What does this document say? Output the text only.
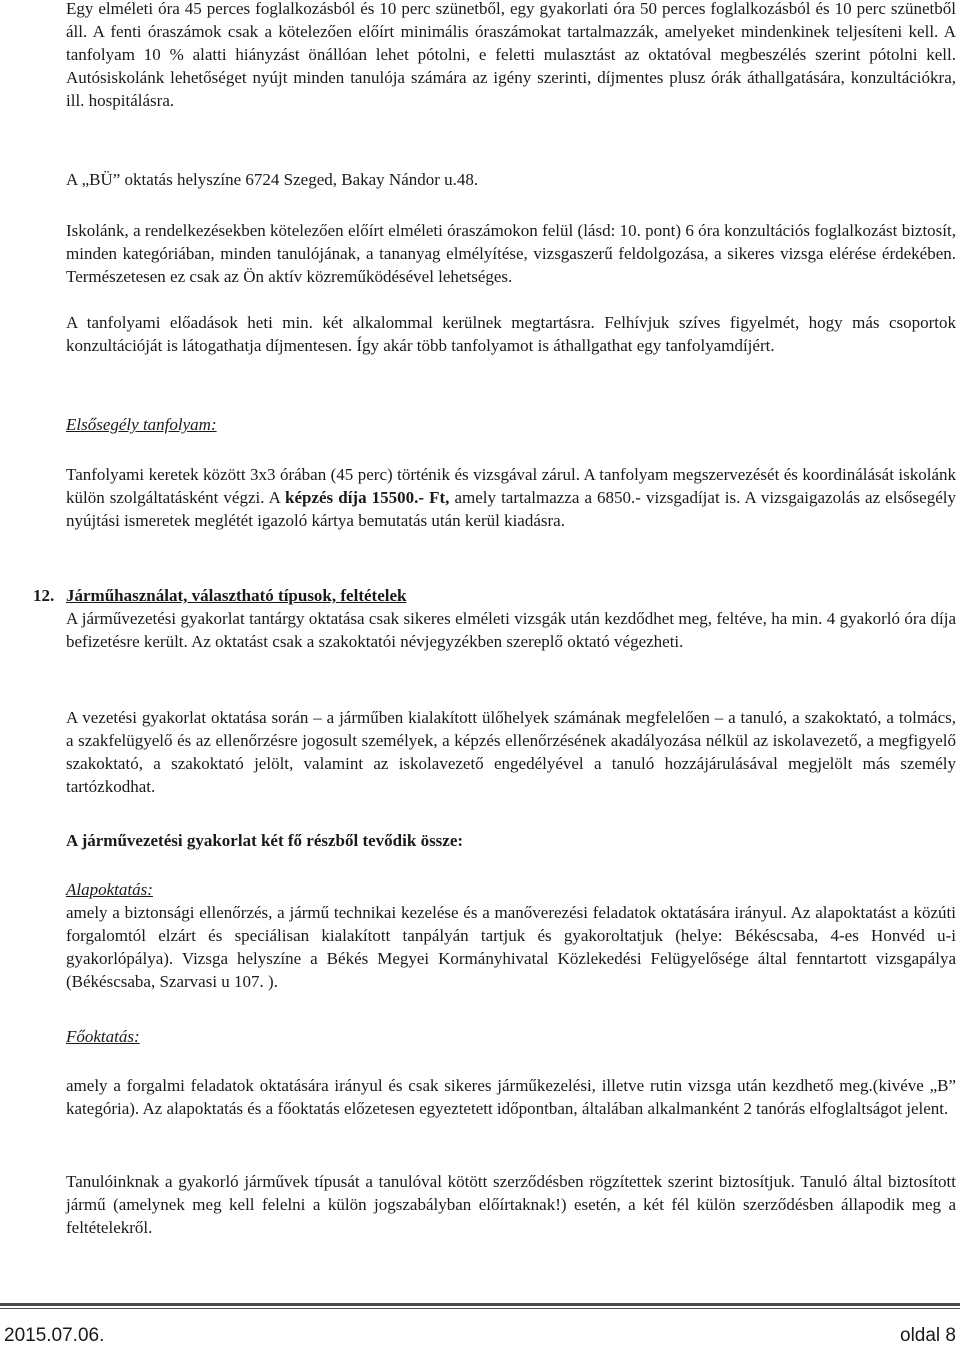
Egy elméleti óra 45 perces foglalkozásból és 10 perc szünetből, egy gyakorlati óra 50 perces foglalkozásból és 10 perc szünetből áll. A fenti óraszámok csak a kötelezően előírt minimális óraszámokat tartalmazzák, amelyeket mindenkinek teljesíteni kell. A tanfolyam 10 % alatti hiányzást önállóan lehet pótolni, e feletti mulasztást az oktatóval megbeszélés szerint pótolni kell. Autósiskolánk lehetőséget nyújt minden tanulója számára az igény szerinti, díjmentes plusz órák áthallgatására, konzultációkra, ill. hospitálásra.

A „BÜ” oktatás helyszíne 6724 Szeged, Bakay Nándor u.48.

Iskolánk, a rendelkezésekben kötelezően előírt elméleti óraszámokon felül (lásd: 10. pont) 6 óra konzultációs foglalkozást biztosít, minden kategóriában, minden tanulójának, a tananyag elmélyítése, vizsgaszerű feldolgozása, a sikeres vizsga elérése érdekében. Természetesen ez csak az Ön aktív közreműködésével lehetséges.

A tanfolyami előadások heti min. két alkalommal kerülnek megtartásra. Felhívjuk szíves figyelmét, hogy más csoportok konzultációját is látogathatja díjmentesen. Így akár több tanfolyamot is áthallgathat egy tanfolyamdíjért.

Elsősegély tanfolyam:

Tanfolyami keretek között 3x3 órában (45 perc) történik és vizsgával zárul. A tanfolyam megszervezését és koordinálását iskolánk külön szolgáltatásként végzi. A képzés díja 15500.- Ft, amely tartalmazza a 6850.- vizsgadíjat is. A vizsgaigazolás az elsősegély nyújtási ismeretek meglétét igazoló kártya bemutatás után kerül kiadásra.

12. Járműhasználat, választható típusok, feltételek

A járművezetési gyakorlat tantárgy oktatása csak sikeres elméleti vizsgák után kezdődhet meg, feltéve, ha min. 4 gyakorló óra díja befizetésre került. Az oktatást csak a szakoktatói névjegyzékben szereplő oktató végezheti.

A vezetési gyakorlat oktatása során – a járműben kialakított ülőhelyek számának megfelelően – a tanuló, a szakoktató, a tolmács, a szakfelügyelő és az ellenőrzésre jogosult személyek, a képzés ellenőrzésének akadályozása nélkül az iskolavezető, a megfigyelő szakoktató, a szakoktató jelölt, valamint az iskolavezető engedélyével a tanuló hozzájárulásával megjelölt más személy tartózkodhat.

A járművezetési gyakorlat két fő részből tevődik össze:

Alapoktatás:

amely a biztonsági ellenőrzés, a jármű technikai kezelése és a manőverezési feladatok oktatására irányul. Az alapoktatást a közúti forgalomtól elzárt és speciálisan kialakított tanpályán tartjuk és gyakoroltatjuk (helye: Békéscsaba, 4-es Honvéd u-i gyakorlópálya). Vizsga helyszíne a Békés Megyei Kormányhivatal Közlekedési Felügyelősége által fenntartott vizsgapálya (Békéscsaba, Szarvasi u 107. ).

Főoktatás:

amely a forgalmi feladatok oktatására irányul és csak sikeres járműkezelési, illetve rutin vizsga után kezdhető meg.(kivéve „B” kategória). Az alapoktatás és a főoktatás előzetesen egyeztetett időpontban, általában alkalmanként 2 tanórás elfoglaltságot jelent.

Tanulóinknak a gyakorló járművek típusát a tanulóval kötött szerződésben rögzítettek szerint biztosítjuk. Tanuló által biztosított jármű (amelynek meg kell felelni a külön jogszabályban előírtaknak!) esetén, a két fél külön szerződésben állapodik meg a feltételekről.

2015.07.06.	oldal 8
